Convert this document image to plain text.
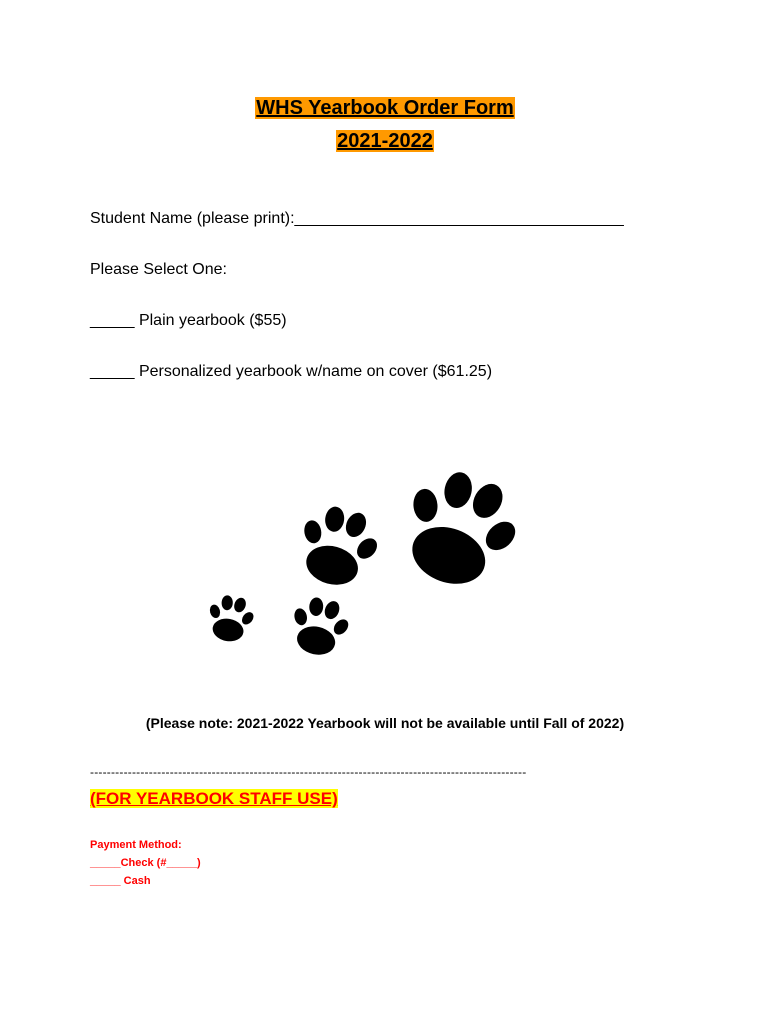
WHS Yearbook Order Form
2021-2022
Student Name (please print):_____________________________________
Please Select One:
_____ Plain yearbook ($55)
_____ Personalized yearbook w/name on cover ($61.25)
(Please note: 2021-2022 Yearbook will not be available until Fall of 2022)
--------------------------------------------------------------------------------------------------------
(FOR YEARBOOK STAFF USE)
Payment Method:
_____Check (#_____)
_____ Cash
